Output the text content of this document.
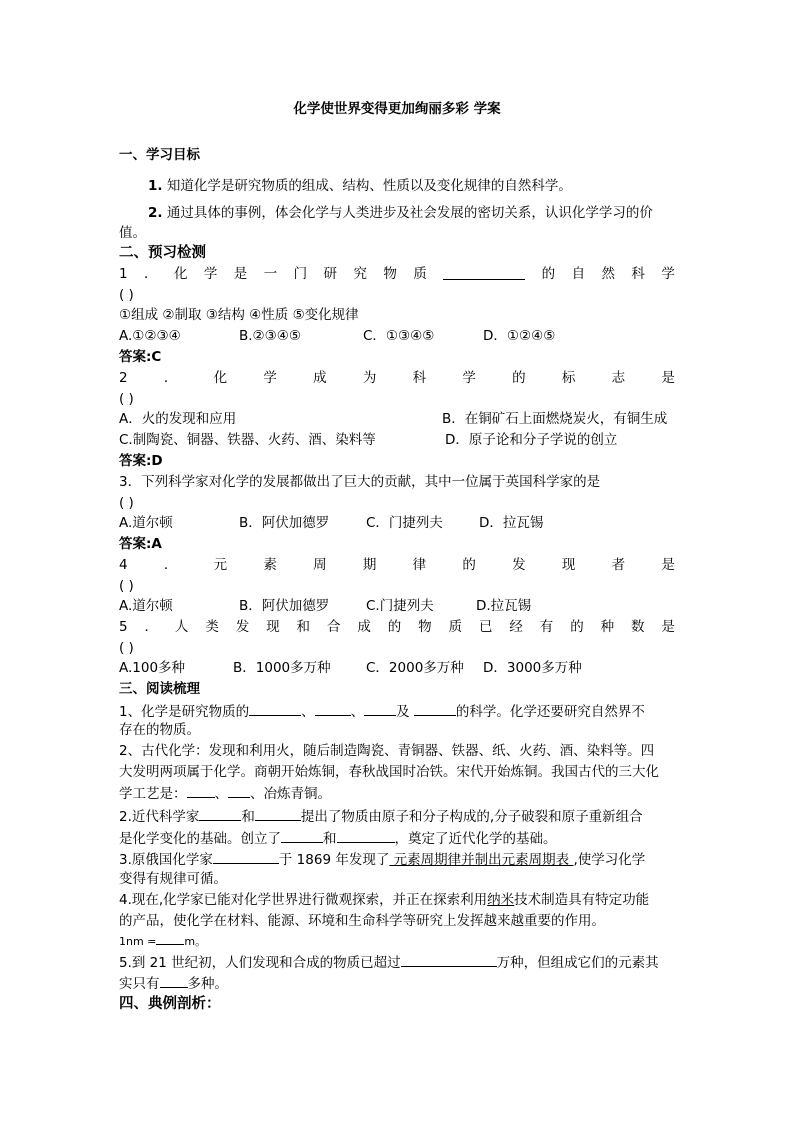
化学使世界变得更加绚丽多彩 学案
一、学习目标
1. 知道化学是研究物质的组成、结构、性质以及变化规律的自然科学。
2. 通过具体的事例，体会化学与人类进步及社会发展的密切关系，认识化学学习的价
值。
二、预习检测
1 ． 化 学 是 一 门 研 究 物 质	的 自 然 科 学
( )
①组成 ②制取 ③结构 ④性质 ⑤变化规律
A.①②③④	B.②③④⑤	C．①③④⑤	D．①②④⑤
答案:C
2	．	化	学	成	为	科	学	的	标	志	是
( )
A．火的发现和应用	B．在铜矿石上面燃烧炭火，有铜生成
C.制陶瓷、铜器、铁器、火药、酒、染料等	D．原子论和分子学说的创立
答案:D
3．下列科学家对化学的发展都做出了巨大的贡献，其中一位属于英国科学家的是
( )
A.道尔顿	B．阿伏加德罗	C．门捷列夫	D．拉瓦锡
答案:A
4	．	元	素	周	期	律	的	发	现	者	是
( )
A.道尔顿	B．阿伏加德罗	C.门捷列夫	D.拉瓦锡
5 ． 人 类 发 现 和 合 成 的 物 质 已 经 有 的 种 数 是
( )
A.100多种	B．1000多万种	C．2000多万种 D．3000多万种
三、阅读梳理
1、化学是研究物质的	、	、 及	的科学。化学还要研究自然界不
存在的物质。
2、古代化学：发现和利用火，随后制造陶瓷、青铜器、铁器、纸、火药、酒、染料等。四
大发明两项属于化学。商朝开始炼铜，春秋战国时冶铁。宋代开始炼铜。我国古代的三大化
学工艺是： 、 、冶炼青铜。
2.近代科学家	和	提出了物质由原子和分子构成的,分子破裂和原子重新组合
是化学变化的基础。创立了	和	，奠定了近代化学的基础。
3.原俄国化学家	于 1869 年发现了 元素周期律并制出元素周期表 ,使学习化学
变得有规律可循。
4.现在,化学家已能对化学世界进行微观探索，并正在探索利用纳米技术制造具有特定功能
的产品，使化学在材料、能源、环境和生命科学等研究上发挥越来越重要的作用。
1nm =	m。
5.到 21 世纪初，人们发现和合成的物质已超过	万种，但组成它们的元素其
实只有 多种。
四、典例剖析：
